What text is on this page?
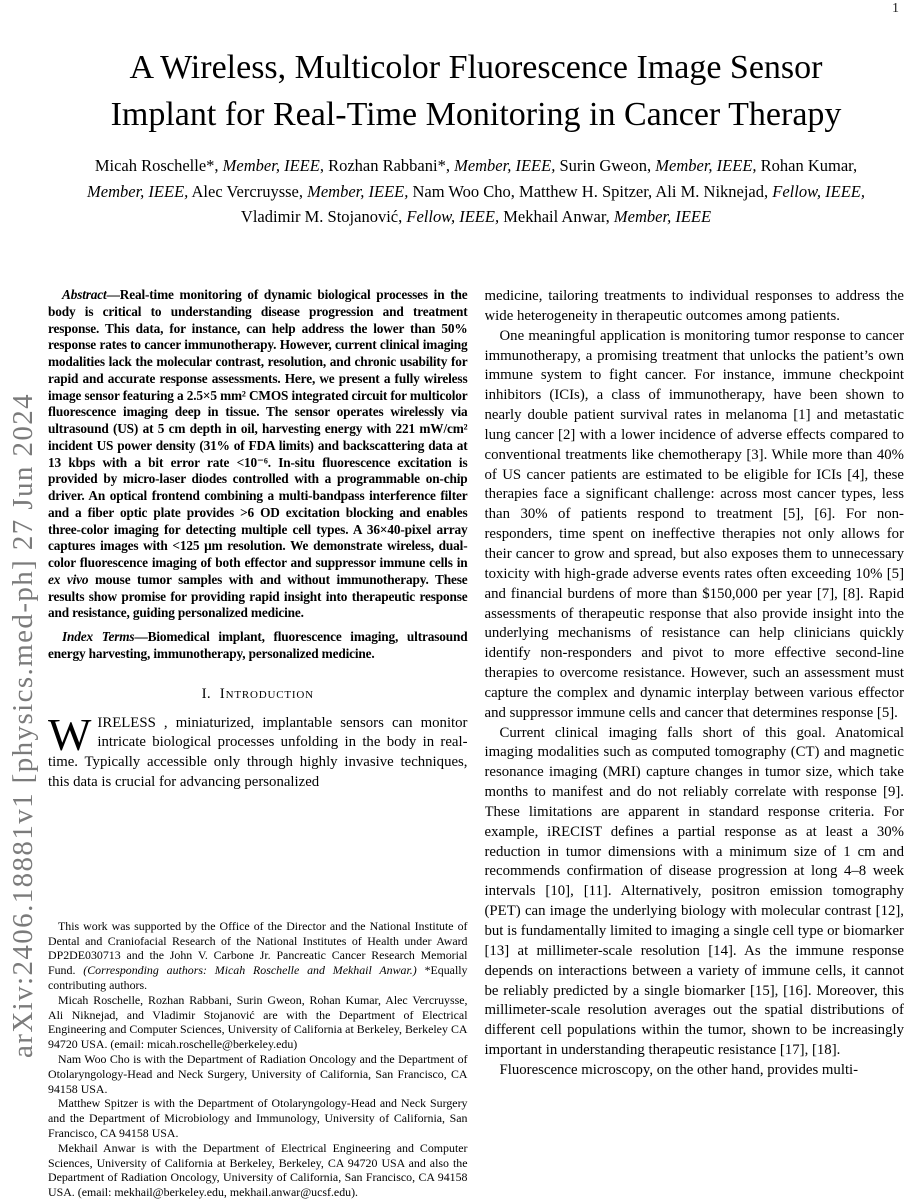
1
arXiv:2406.18881v1 [physics.med-ph] 27 Jun 2024
A Wireless, Multicolor Fluorescence Image Sensor
Implant for Real-Time Monitoring in Cancer Therapy
Micah Roschelle*, Member, IEEE, Rozhan Rabbani*, Member, IEEE, Surin Gweon, Member, IEEE, Rohan Kumar, Member, IEEE, Alec Vercruysse, Member, IEEE, Nam Woo Cho, Matthew H. Spitzer, Ali M. Niknejad, Fellow, IEEE, Vladimir M. Stojanović, Fellow, IEEE, Mekhail Anwar, Member, IEEE

Abstract—Real-time monitoring of dynamic biological processes in the body is critical to understanding disease progression and treatment response. This data, for instance, can help address the lower than 50% response rates to cancer immunotherapy. However, current clinical imaging modalities lack the molecular contrast, resolution, and chronic usability for rapid and accurate response assessments. Here, we present a fully wireless image sensor featuring a 2.5×5 mm² CMOS integrated circuit for multicolor fluorescence imaging deep in tissue. The sensor operates wirelessly via ultrasound (US) at 5 cm depth in oil, harvesting energy with 221 mW/cm² incident US power density (31% of FDA limits) and backscattering data at 13 kbps with a bit error rate <10⁻⁶. In-situ fluorescence excitation is provided by micro-laser diodes controlled with a programmable on-chip driver. An optical frontend combining a multi-bandpass interference filter and a fiber optic plate provides >6 OD excitation blocking and enables three-color imaging for detecting multiple cell types. A 36×40-pixel array captures images with <125 μm resolution. We demonstrate wireless, dual-color fluorescence imaging of both effector and suppressor immune cells in ex vivo mouse tumor samples with and without immunotherapy. These results show promise for providing rapid insight into therapeutic response and resistance, guiding personalized medicine.

Index Terms—Biomedical implant, fluorescence imaging, ultrasound energy harvesting, immunotherapy, personalized medicine.

I. Introduction

WIRELESS , miniaturized, implantable sensors can monitor intricate biological processes unfolding in the body in real-time. Typically accessible only through highly invasive techniques, this data is crucial for advancing personalized

This work was supported by the Office of the Director and the National Institute of Dental and Craniofacial Research of the National Institutes of Health under Award DP2DE030713 and the John V. Carbone Jr. Pancreatic Cancer Research Memorial Fund. (Corresponding authors: Micah Roschelle and Mekhail Anwar.) *Equally contributing authors.

Micah Roschelle, Rozhan Rabbani, Surin Gweon, Rohan Kumar, Alec Vercruysse, Ali Niknejad, and Vladimir Stojanović are with the Department of Electrical Engineering and Computer Sciences, University of California at Berkeley, Berkeley CA 94720 USA. (email: micah.roschelle@berkeley.edu)

Nam Woo Cho is with the Department of Radiation Oncology and the Department of Otolaryngology-Head and Neck Surgery, University of California, San Francisco, CA 94158 USA.

Matthew Spitzer is with the Department of Otolaryngology-Head and Neck Surgery and the Department of Microbiology and Immunology, University of California, San Francisco, CA 94158 USA.

Mekhail Anwar is with the Department of Electrical Engineering and Computer Sciences, University of California at Berkeley, Berkeley, CA 94720 USA and also the Department of Radiation Oncology, University of California, San Francisco, CA 94158 USA. (email: mekhail@berkeley.edu, mekhail.anwar@ucsf.edu).

medicine, tailoring treatments to individual responses to address the wide heterogeneity in therapeutic outcomes among patients.

One meaningful application is monitoring tumor response to cancer immunotherapy, a promising treatment that unlocks the patient’s own immune system to fight cancer. For instance, immune checkpoint inhibitors (ICIs), a class of immunotherapy, have been shown to nearly double patient survival rates in melanoma [1] and metastatic lung cancer [2] with a lower incidence of adverse effects compared to conventional treatments like chemotherapy [3]. While more than 40% of US cancer patients are estimated to be eligible for ICIs [4], these therapies face a significant challenge: across most cancer types, less than 30% of patients respond to treatment [5], [6]. For non-responders, time spent on ineffective therapies not only allows for their cancer to grow and spread, but also exposes them to unnecessary toxicity with high-grade adverse events rates often exceeding 10% [5] and financial burdens of more than $150,000 per year [7], [8]. Rapid assessments of therapeutic response that also provide insight into the underlying mechanisms of resistance can help clinicians quickly identify non-responders and pivot to more effective second-line therapies to overcome resistance. However, such an assessment must capture the complex and dynamic interplay between various effector and suppressor immune cells and cancer that determines response [5].

Current clinical imaging falls short of this goal. Anatomical imaging modalities such as computed tomography (CT) and magnetic resonance imaging (MRI) capture changes in tumor size, which take months to manifest and do not reliably correlate with response [9]. These limitations are apparent in standard response criteria. For example, iRECIST defines a partial response as at least a 30% reduction in tumor dimensions with a minimum size of 1 cm and recommends confirmation of disease progression at long 4–8 week intervals [10], [11]. Alternatively, positron emission tomography (PET) can image the underlying biology with molecular contrast [12], but is fundamentally limited to imaging a single cell type or biomarker [13] at millimeter-scale resolution [14]. As the immune response depends on interactions between a variety of immune cells, it cannot be reliably predicted by a single biomarker [15], [16]. Moreover, this millimeter-scale resolution averages out the spatial distributions of different cell populations within the tumor, shown to be increasingly important in understanding therapeutic resistance [17], [18].

Fluorescence microscopy, on the other hand, provides multi-
